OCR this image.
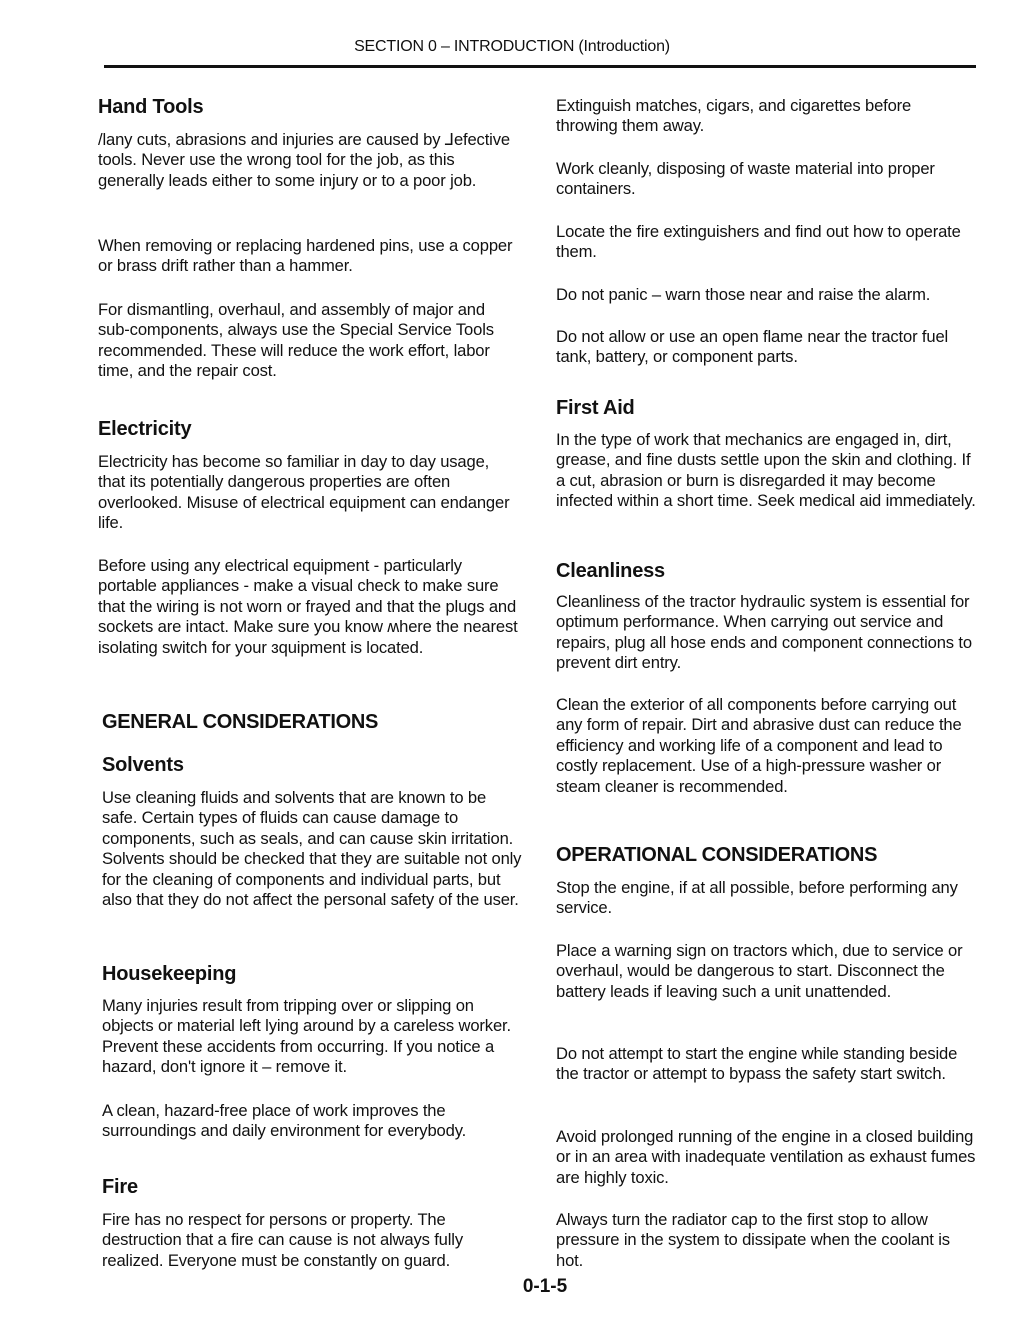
SECTION 0 – INTRODUCTION (Introduction)
Hand Tools

/lany cuts, abrasions and injuries are caused by ⅃efective tools. Never use the wrong tool for the job, as this generally leads either to some injury or to a poor job.

When removing or replacing hardened pins, use a copper or brass drift rather than a hammer.

For dismantling, overhaul, and assembly of major and sub-components, always use the Special Service Tools recommended. These will reduce the work effort, labor time, and the repair cost.

Electricity

Electricity has become so familiar in day to day usage, that its potentially dangerous properties are often overlooked. Misuse of electrical equipment can endanger life.

Before using any electrical equipment - particularly portable appliances - make a visual check to make sure that the wiring is not worn or frayed and that the plugs and sockets are intact. Make sure you know ʍhere the nearest isolating switch for your ɜquipment is located.

GENERAL CONSIDERATIONS
Solvents

Use cleaning fluids and solvents that are known to be safe. Certain types of fluids can cause damage to components, such as seals, and can cause skin irritation. Solvents should be checked that they are suitable not only for the cleaning of components and individual parts, but also that they do not affect the personal safety of the user.

Housekeeping

Many injuries result from tripping over or slipping on objects or material left lying around by a careless worker. Prevent these accidents from occurring. If you notice a hazard, don't ignore it – remove it.

A clean, hazard-free place of work improves the surroundings and daily environment for everybody.

Fire

Fire has no respect for persons or property. The destruction that a fire can cause is not always fully realized. Everyone must be constantly on guard.

Extinguish matches, cigars, and cigarettes before throwing them away.

Work cleanly, disposing of waste material into proper containers.

Locate the fire extinguishers and find out how to operate them.

Do not panic – warn those near and raise the alarm.

Do not allow or use an open flame near the tractor fuel tank, battery, or component parts.

First Aid

In the type of work that mechanics are engaged in, dirt, grease, and fine dusts settle upon the skin and clothing. If a cut, abrasion or burn is disregarded it may become infected within a short time. Seek medical aid immediately.

Cleanliness

Cleanliness of the tractor hydraulic system is essential for optimum performance. When carrying out service and repairs, plug all hose ends and component connections to prevent dirt entry.

Clean the exterior of all components before carrying out any form of repair. Dirt and abrasive dust can reduce the efficiency and working life of a component and lead to costly replacement. Use of a high-pressure washer or steam cleaner is recommended.

OPERATIONAL CONSIDERATIONS

Stop the engine, if at all possible, before performing any service.

Place a warning sign on tractors which, due to service or overhaul, would be dangerous to start. Disconnect the battery leads if leaving such a unit unattended.

Do not attempt to start the engine while standing beside the tractor or attempt to bypass the safety start switch.

Avoid prolonged running of the engine in a closed building or in an area with inadequate ventilation as exhaust fumes are highly toxic.

Always turn the radiator cap to the first stop to allow pressure in the system to dissipate when the coolant is hot.

0-1-5
